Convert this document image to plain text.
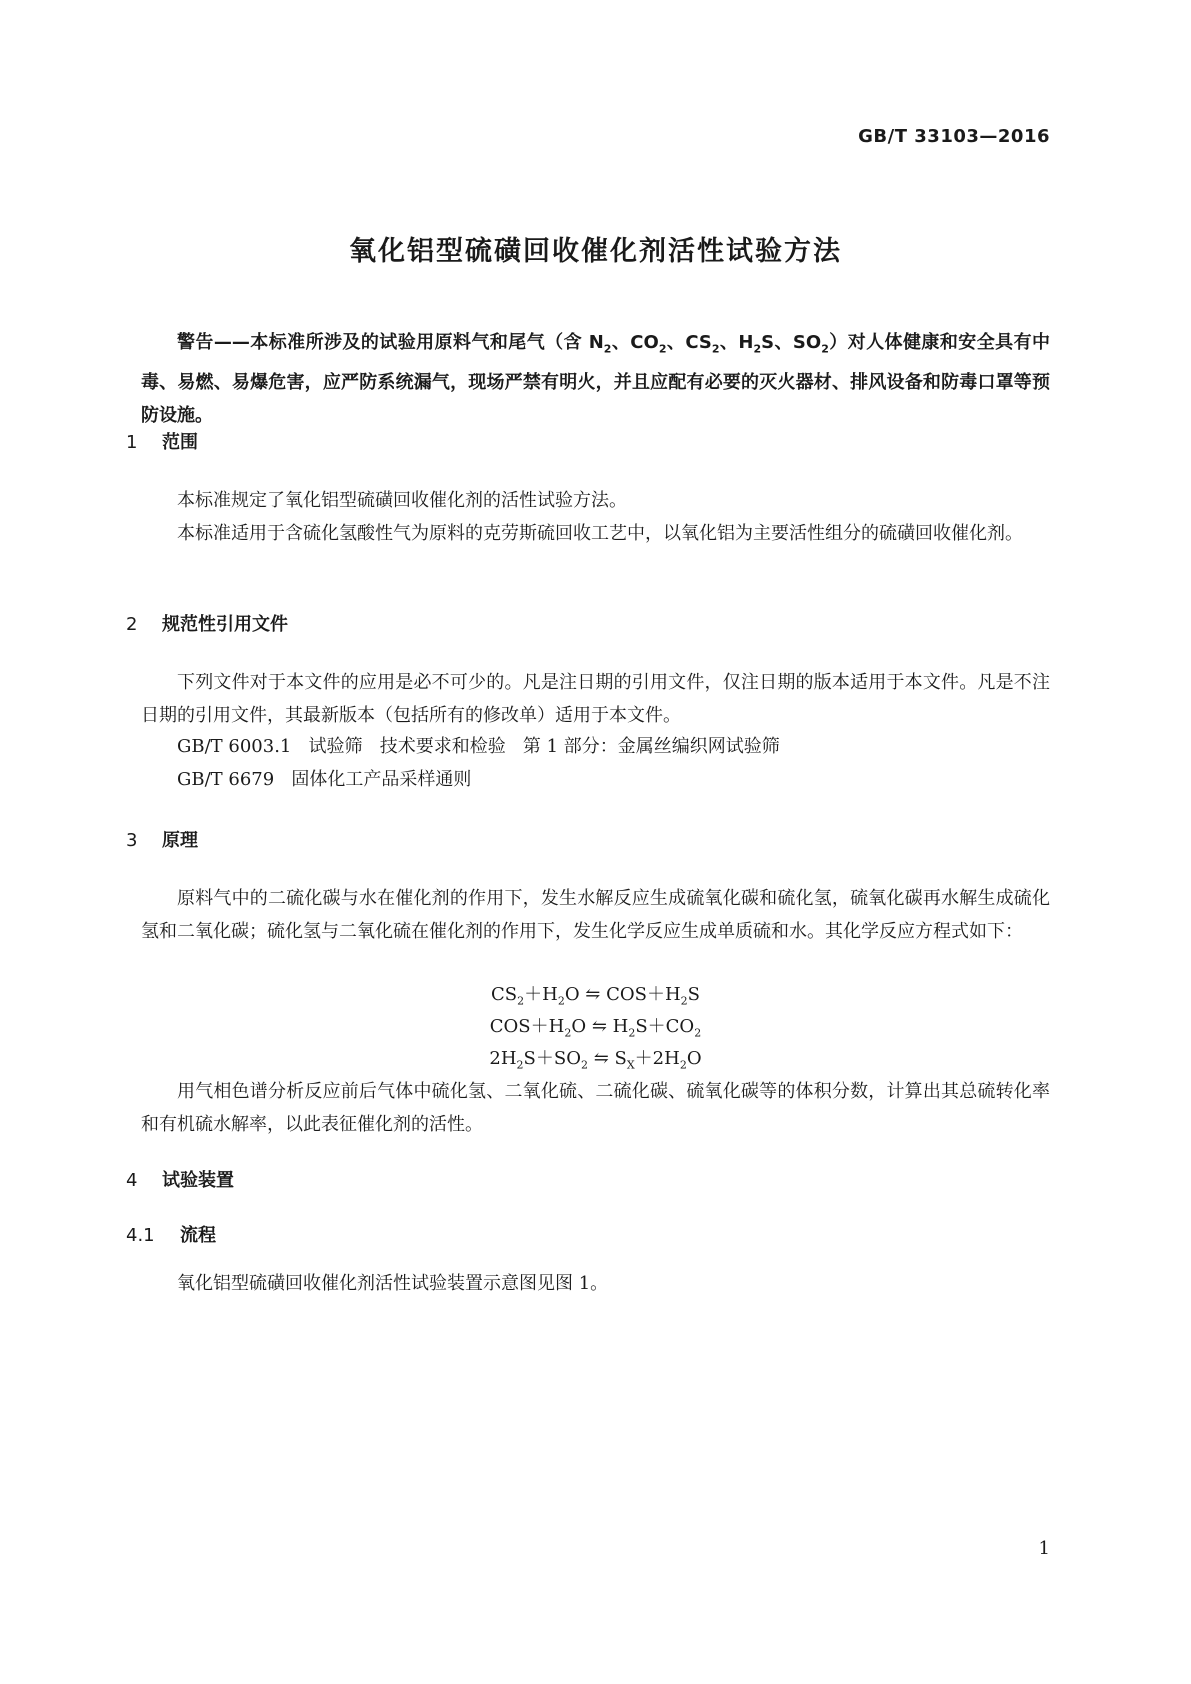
GB/T 33103—2016
氧化铝型硫磺回收催化剂活性试验方法
警告——本标准所涉及的试验用原料气和尾气（含 $N_2$、$CO_2$、$CS_2$、$H_2S$、$SO_2$）对人体健康和安全具有中毒、易燃、易爆危害，应严防系统漏气，现场严禁有明火，并且应配有必要的灭火器材、排风设备和防毒口罩等预防设施。
1 范围
本标准规定了氧化铝型硫磺回收催化剂的活性试验方法。
本标准适用于含硫化氢酸性气为原料的克劳斯硫回收工艺中，以氧化铝为主要活性组分的硫磺回收催化剂。
2 规范性引用文件
下列文件对于本文件的应用是必不可少的。凡是注日期的引用文件，仅注日期的版本适用于本文件。凡是不注日期的引用文件，其最新版本（包括所有的修改单）适用于本文件。
GB/T 6003.1   试验筛   技术要求和检验   第 1 部分：金属丝编织网试验筛
GB/T 6679   固体化工产品采样通则
3 原理
原料气中的二硫化碳与水在催化剂的作用下，发生水解反应生成硫氧化碳和硫化氢，硫氧化碳再水解生成硫化氢和二氧化碳；硫化氢与二氧化硫在催化剂的作用下，发生化学反应生成单质硫和水。其化学反应方程式如下：
$CS_2+H_2O$ ⇋ $COS+H_2S$
$COS+H_2O$ ⇋ $H_2S+CO_2$
$2H_2S+SO_2$ ⇋ $S_X+2H_2O$
用气相色谱分析反应前后气体中硫化氢、二氧化硫、二硫化碳、硫氧化碳等的体积分数，计算出其总硫转化率和有机硫水解率，以此表征催化剂的活性。
4 试验装置
4.1 流程
氧化铝型硫磺回收催化剂活性试验装置示意图见图 1。
1
